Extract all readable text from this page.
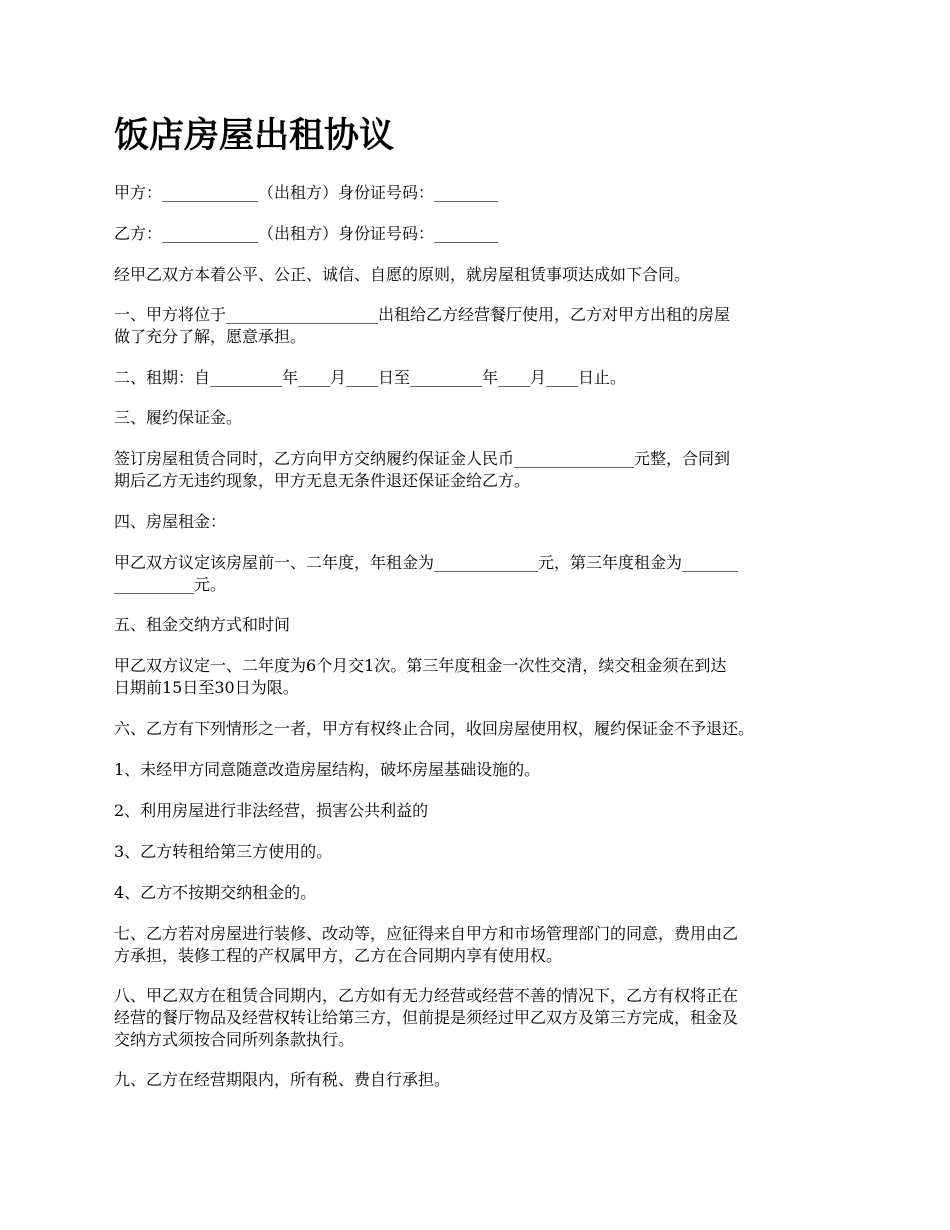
饭店房屋出租协议

甲方：____________（出租方）身份证号码：________

乙方：____________（出租方）身份证号码：________

经甲乙双方本着公平、公正、诚信、自愿的原则，就房屋租赁事项达成如下合同。

一、甲方将位于___________________出租给乙方经营餐厅使用，乙方对甲方出租的房屋
做了充分了解，愿意承担。

二、租期：自_________年____月____日至_________年____月____日止。

三、履约保证金。

签订房屋租赁合同时，乙方向甲方交纳履约保证金人民币_______________元整，合同到
期后乙方无违约现象，甲方无息无条件退还保证金给乙方。

四、房屋租金：

甲乙双方议定该房屋前一、二年度，年租金为_____________元，第三年度租金为_______
__________元。

五、租金交纳方式和时间

甲乙双方议定一、二年度为6个月交1次。第三年度租金一次性交清，续交租金须在到达
日期前15日至30日为限。

六、乙方有下列情形之一者，甲方有权终止合同，收回房屋使用权，履约保证金不予退还。

1、未经甲方同意随意改造房屋结构，破坏房屋基础设施的。

2、利用房屋进行非法经营，损害公共利益的

3、乙方转租给第三方使用的。

4、乙方不按期交纳租金的。

七、乙方若对房屋进行装修、改动等，应征得来自甲方和市场管理部门的同意，费用由乙
方承担，装修工程的产权属甲方，乙方在合同期内享有使用权。

八、甲乙双方在租赁合同期内，乙方如有无力经营或经营不善的情况下，乙方有权将正在
经营的餐厅物品及经营权转让给第三方，但前提是须经过甲乙双方及第三方完成，租金及
交纳方式须按合同所列条款执行。

九、乙方在经营期限内，所有税、费自行承担。
